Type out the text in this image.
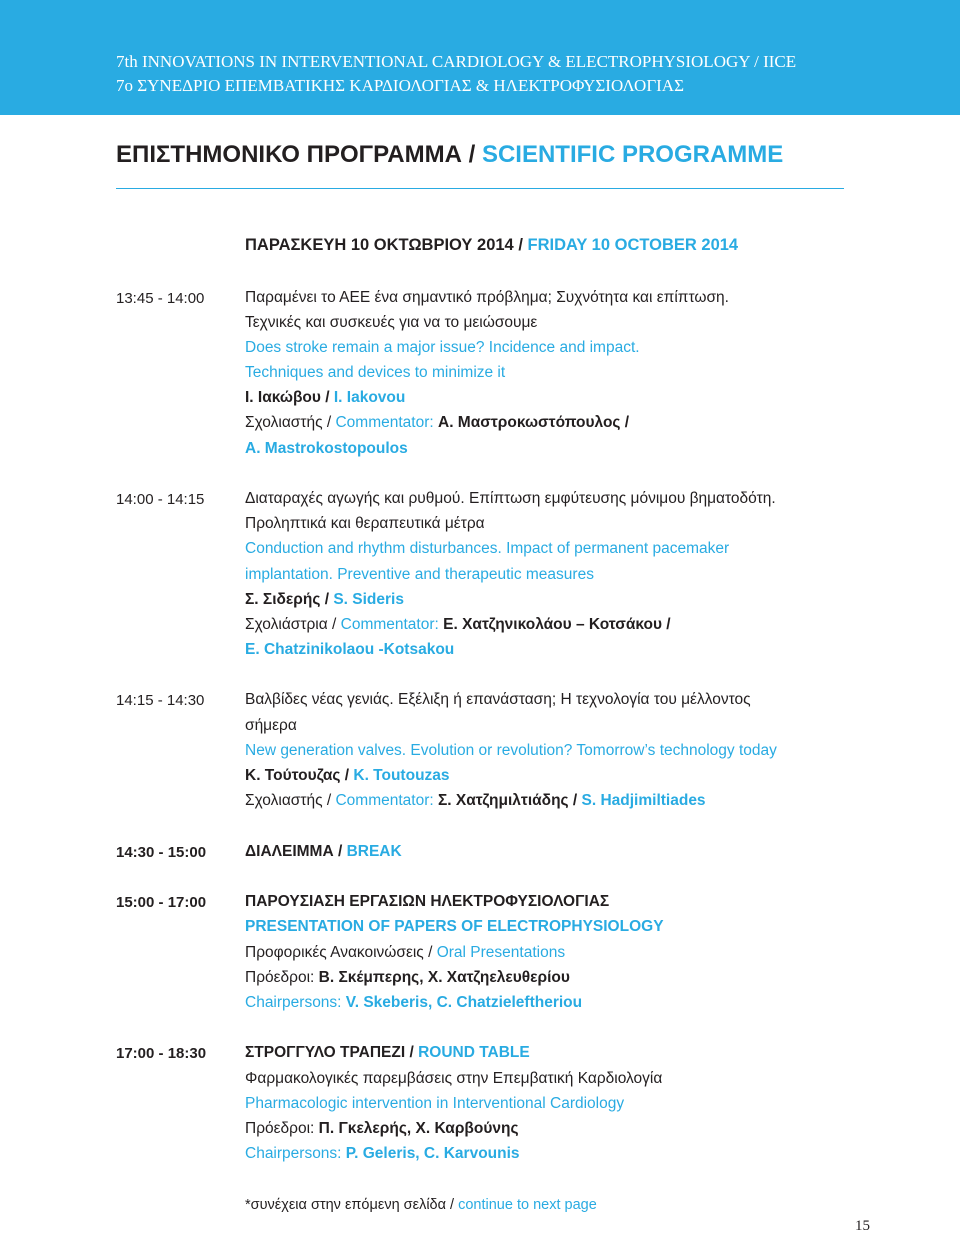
7th INNOVATIONS IN INTERVENTIONAL CARDIOLOGY & ELECTROPHYSIOLOGY / IICE
7ο ΣΥΝΕΔΡΙΟ ΕΠΕΜΒΑΤΙΚΗΣ ΚΑΡΔΙΟΛΟΓΙΑΣ & ΗΛΕΚΤΡΟΦΥΣΙΟΛΟΓΙΑΣ
ΕΠΙΣΤΗΜΟΝΙΚΟ ΠΡΟΓΡΑΜΜΑ / SCIENTIFIC PROGRAMME
ΠΑΡΑΣΚΕΥΗ 10 ΟΚΤΩΒΡΙΟΥ 2014 / FRIDAY 10 OCTOBER 2014
13:45 - 14:00	Παραμένει το ΑΕΕ ένα σημαντικό πρόβλημα; Συχνότητα και επίπτωση.
Τεχνικές και συσκευές για να το μειώσουμε
Does stroke remain a major issue? Incidence and impact.
Techniques and devices to minimize it
Ι. Ιακώβου / I. Iakovou
Σχολιαστής / Commentator: Α. Μαστροκωστόπουλος /
A. Mastrokostopoulos
14:00 - 14:15	Διαταραχές αγωγής και ρυθμού. Επίπτωση εμφύτευσης μόνιμου βηματοδότη.
Προληπτικά και θεραπευτικά μέτρα
Conduction and rhythm disturbances. Impact of permanent pacemaker
implantation. Preventive and therapeutic measures
Σ. Σιδερής / S. Sideris
Σχολιάστρια / Commentator: Ε. Χατζηνικολάου – Κοτσάκου /
E. Chatzinikolaou -Kotsakou
14:15 - 14:30	Βαλβίδες νέας γενιάς. Εξέλιξη ή επανάσταση; Η τεχνολογία του μέλλοντος
σήμερα
New generation valves. Evolution or revolution? Tomorrow’s technology today
Κ. Τούτουζας / K. Toutouzas
Σχολιαστής / Commentator: Σ. Χατζημιλτιάδης / S. Hadjimiltiades
14:30 - 15:00	ΔΙΑΛΕΙΜΜΑ / BREAK
15:00 - 17:00	ΠΑΡΟΥΣΙΑΣΗ ΕΡΓΑΣΙΩΝ ΗΛΕΚΤΡΟΦΥΣΙΟΛΟΓΙΑΣ
PRESENTATION OF PAPERS OF ELECTROPHYSIOLOGY
Προφορικές Ανακοινώσεις / Oral Presentations
Πρόεδροι: Β. Σκέμπερης, Χ. Χατζηελευθερίου
Chairpersons: V. Skeberis, C. Chatzieleftheriou
17:00 - 18:30	ΣΤΡΟΓΓΥΛΟ ΤΡΑΠΕΖΙ / ROUND TABLE
Φαρμακολογικές παρεμβάσεις στην Επεμβατική Καρδιολογία
Pharmacologic intervention in Interventional Cardiology
Πρόεδροι: Π. Γκελερής, Χ. Καρβούνης
Chairpersons: P. Geleris, C. Karvounis
*συνέχεια στην επόμενη σελίδα / continue to next page
15
